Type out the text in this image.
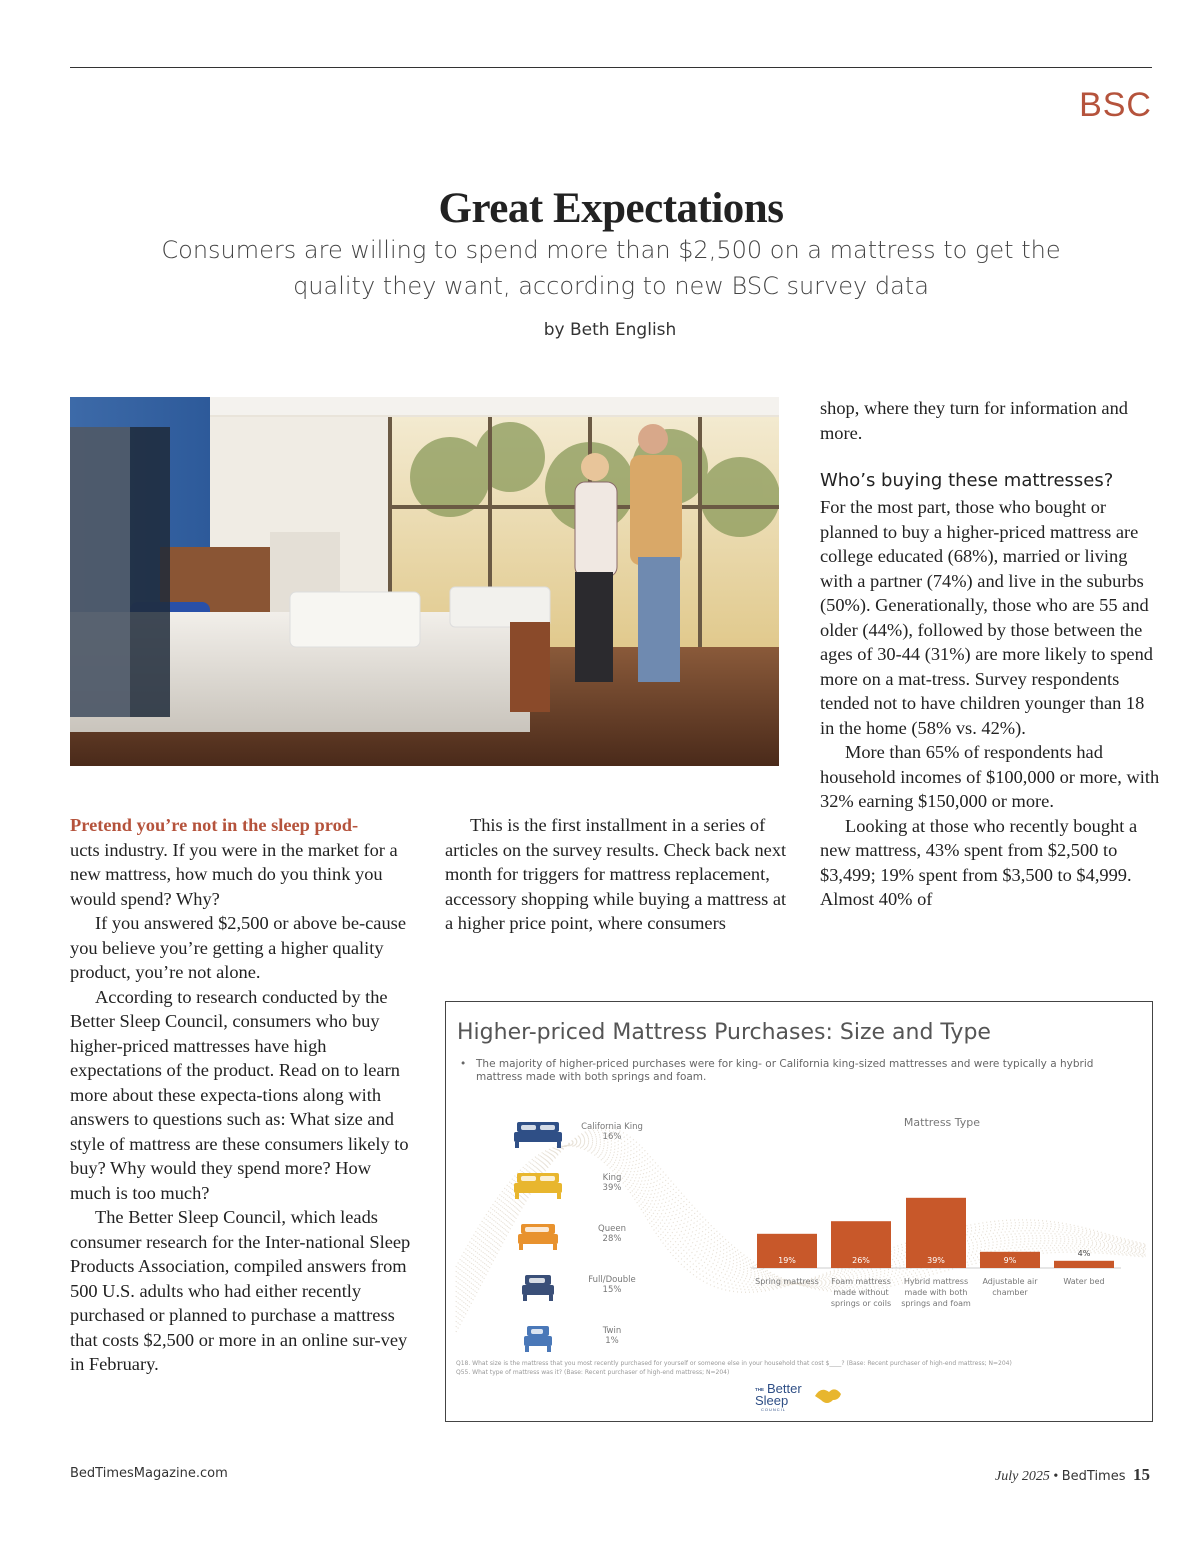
BSC
Great Expectations
Consumers are willing to spend more than $2,500 on a mattress to get the quality they want, according to new BSC survey data
by Beth English

Pretend you’re not in the sleep prod-
ucts industry. If you were in the market for a new mattress, how much do you think you would spend? Why?

If you answered $2,500 or above be-cause you believe you’re getting a higher quality product, you’re not alone.

According to research conducted by the Better Sleep Council, consumers who buy higher-priced mattresses have high expectations of the product. Read on to learn more about these expecta-tions along with answers to questions such as: What size and style of mattress are these consumers likely to buy? Why would they spend more? How much is too much?

The Better Sleep Council, which leads consumer research for the Inter-national Sleep Products Association, compiled answers from 500 U.S. adults who had either recently purchased or planned to purchase a mattress that costs $2,500 or more in an online sur-vey in February.

This is the first installment in a series of articles on the survey results. Check back next month for triggers for mattress replacement, accessory shopping while buying a mattress at a higher price point, where consumers

shop, where they turn for information and more.

Who’s buying these mattresses?

For the most part, those who bought or planned to buy a higher-priced mattress are college educated (68%), married or living with a partner (74%) and live in the suburbs (50%). Generationally, those who are 55 and older (44%), followed by those between the ages of 30-44 (31%) are more likely to spend more on a mat-tress. Survey respondents tended not to have children younger than 18 in the home (58% vs. 42%).

More than 65% of respondents had household incomes of $100,000 or more, with 32% earning $150,000 or more.

Looking at those who recently bought a new mattress, 43% spent from $2,500 to $3,499; 19% spent from $3,500 to $4,999. Almost 40% of

Higher-priced Mattress Purchases: Size and Type
• The majority of higher-priced purchases were for king- or California king-sized mattresses and were typically a hybrid mattress made with both springs and foam.
Mattress Type
California King
16%
King
39%
Queen
28%
Full/Double
15%
Twin
1%
Spring mattress	Foam mattress
made without
springs or coils
Hybrid mattress
made with both
springs and foam
Adjustable air
chamber
Water bed
Q18. What size is the mattress that you most recently purchased for yourself or someone else in your household that cost $____? (Base: Recent purchaser of high-end mattress; N=204)
Q55. What type of mattress was it? (Base: Recent purchaser of high-end mattress; N=204)
THE Better
Sleep
COUNCIL
19%	26%	39%	9%
4%
BedTimesMagazine.com	July 2025 • BedTimes 15
